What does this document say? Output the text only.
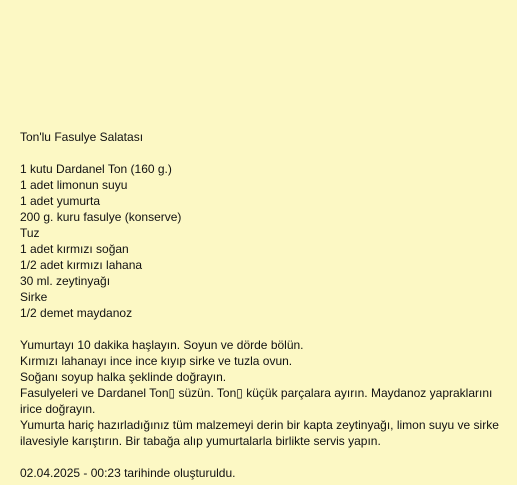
Ton'lu Fasulye Salatası
1 kutu Dardanel Ton (160 g.)
1 adet limonun suyu
1 adet yumurta
200 g. kuru fasulye (konserve)
Tuz
1 adet kırmızı soğan
1/2 adet kırmızı lahana
30 ml. zeytinyağı
Sirke
1/2 demet maydanoz
Yumurtayı 10 dakika haşlayın. Soyun ve dörde bölün.
Kırmızı lahanayı ince ince kıyıp sirke ve tuzla ovun.
Soğanı soyup halka şeklinde doğrayın.
Fasulyeleri ve Dardanel Ton▯ süzün. Ton▯ küçük parçalara ayırın. Maydanoz yapraklarını irice doğrayın.
Yumurta hariç hazırladığınız tüm malzemeyi derin bir kapta zeytinyağı, limon suyu ve sirke ilavesiyle karıştırın. Bir tabağa alıp yumurtalarla birlikte servis yapın.
02.04.2025 - 00:23 tarihinde oluşturuldu.
